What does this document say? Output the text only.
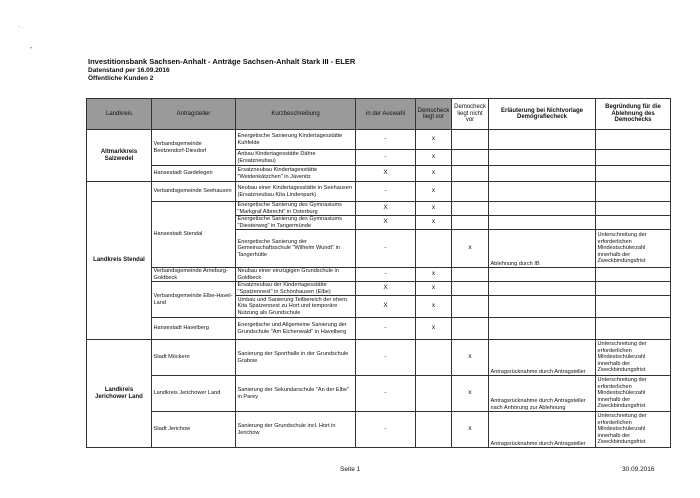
- .
•
Investitionsbank Sachsen-Anhalt - Anträge Sachsen-Anhalt Stark III - ELER
Datenstand per 16.09.2016
Öffentliche Kunden 2
Landkreis	Antragsteller	Kurzbeschreibung	in der Auswahl	Democheck liegt vor	Democheck liegt nicht vor	Erläuterung bei Nichtvorlage Demografiecheck	Begründung für die Ablehnung des Demochecks
Altmarkkreis Salzwedel	Verbandsgemeinde Beetzendorf-Diesdorf	Energetische Sanierung Kindertagesstätte Kuhfelde	-	x			
		Anbau Kindertagesstätte Dähre (Ersatzneubau)	-	x			
	Hansestadt Gardelegen	Ersatzneubau Kindertagesstätte "Weidenkätzchen" in Jävenitz	X	x			
Landkreis Stendal	Verbandsgemeinde Seehausen	Neubau einer Kindertagesstätte in Seehausen (Ersatzneubau Kita Lindenpark)	-	x			
	Hansestadt Stendal	Energetische Sanierung des Gymnasiums "Markgraf Albrecht" in Osterburg	X	x			
		Energetische Sanierung des Gymnasiums "Diesterweg" in Tangermünde	X	x			
		Energetische Sanierung der Gemeinschaftsschule "Wilhelm Wundt" in Tangerhütte	-		x	Ablehnung durch IB	Unterschreitung der erforderlichen Mindestschülerzahl innerhalb der Zweckbindungsfrist
	Verbandsgemeinde Arneburg-Goldbeck	Neubau einer einzügigen Grundschule in Goldbeck	-	x			
	Verbandsgemeinde Elbe-Havel-Land	Ersatzneubau der Kindertagesstätte "Spatzennest" in Schönhausen (Elbe)	X	x			
		Umbau und Sanierung Teilbereich der ehem. Kita Spatzennest zu Hort und temporäre Nutzung als Grundschule	X	x			
	Hansestadt Havelberg	Energetische und Allgemeine Sanierung der Grundschule "Am Eichenwald" in Havelberg	-	x			
Landkreis Jerichower Land	Stadt Möckern	Sanierung der Sporthalle in der Grundschule Grabow	-		x	Antragsrücknahme durch Antragsteller	Unterschreitung der erforderlichen Mindestschülerzahl innerhalb der Zweckbindungsfrist
	Landkreis Jerichower Land	Sanierung der Sekundarschule "An der Elbe" in Parey	-		x	Antragsrücknahme durch Antragsteller nach Anhörung zur Ablehnung	Unterschreitung der erforderlichen Mindestschülerzahl innerhalb der Zweckbindungsfrist
	Stadt Jerichow	Sanierung der Grundschule incl. Hort in Jerichow	-		x	Antragsrücknahme durch Antragsteller	Unterschreitung der erforderlichen Mindestschülerzahl innerhalb der Zweckbindungsfrist
Seite 1	30.09.2016
